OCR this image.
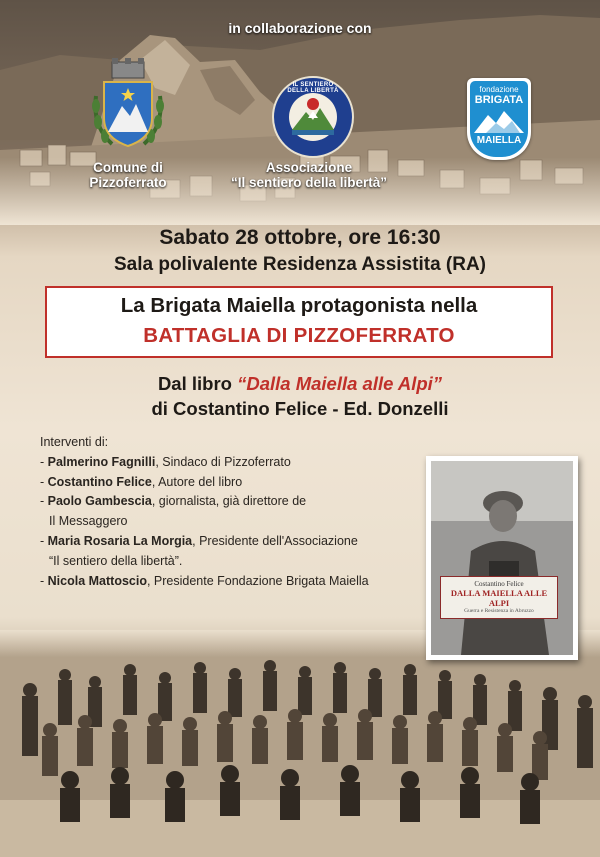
in collaborazione con
Comune di
Pizzoferrato
IL SENTIERO DELLA LIBERTÀ
Associazione
“Il sentiero della libertà”
fondazione
BRIGATA
MAIELLA
Sabato 28 ottobre, ore 16:30
Sala polivalente Residenza Assistita (RA)
La Brigata Maiella protagonista nella
BATTAGLIA DI PIZZOFERRATO
Dal libro “Dalla Maiella alle Alpi”
di Costantino Felice - Ed. Donzelli
Interventi di:
- Palmerino Fagnilli, Sindaco di Pizzoferrato
- Costantino Felice, Autore del libro
- Paolo Gambescia, giornalista, già direttore de
Il Messaggero
- Maria Rosaria La Morgia, Presidente dell'Associazione
“Il sentiero della libertà”.
- Nicola Mattoscio, Presidente Fondazione Brigata Maiella	Costantino Felice
DALLA MAIELLA ALLE ALPI
Guerra e Resistenza in Abruzzo
